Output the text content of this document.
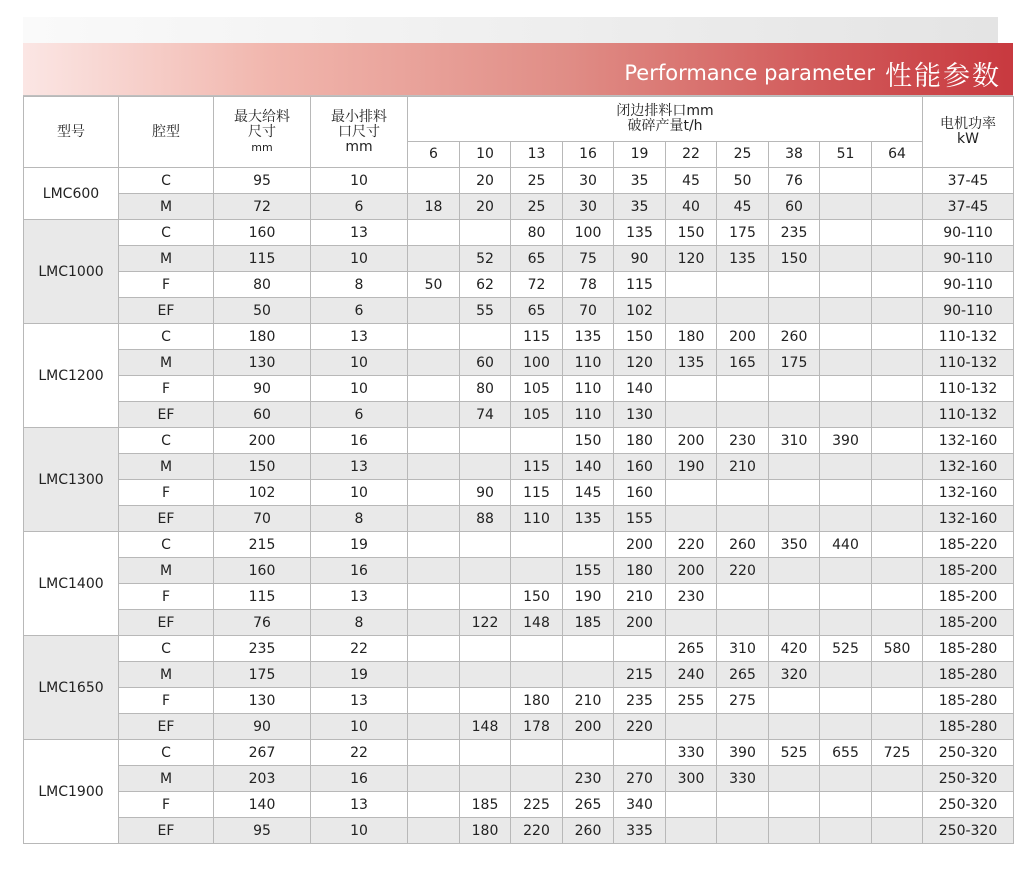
Performance parameter 性能参数
型号	腔型	最大给料尺寸
mm	最小排料口尺寸mm	闭边排料口mm
破碎产量t/h										电机功率
kW

				6	10	13	16	19	22	25	38	51	64	
LMC600	C	95	10		20	25	30	35	45	50	76			37-45
	M	72	6	18	20	25	30	35	40	45	60			37-45
LMC1000	C	160	13			80	100	135	150	175	235			90-110
	M	115	10		52	65	75	90	120	135	150			90-110
	F	80	8	50	62	72	78	115						90-110
	EF	50	6		55	65	70	102						90-110
LMC1200	C	180	13			115	135	150	180	200	260			110-132
	M	130	10		60	100	110	120	135	165	175			110-132
	F	90	10		80	105	110	140						110-132
	EF	60	6		74	105	110	130						110-132
LMC1300	C	200	16				150	180	200	230	310	390		132-160
	M	150	13			115	140	160	190	210				132-160
	F	102	10		90	115	145	160						132-160
	EF	70	8		88	110	135	155						132-160
LMC1400	C	215	19					200	220	260	350	440		185-220
	M	160	16				155	180	200	220				185-200
	F	115	13			150	190	210	230					185-200
	EF	76	8		122	148	185	200						185-200
LMC1650	C	235	22						265	310	420	525	580	185-280
	M	175	19					215	240	265	320			185-280
	F	130	13			180	210	235	255	275				185-280
	EF	90	10		148	178	200	220						185-280
LMC1900	C	267	22						330	390	525	655	725	250-320
	M	203	16				230	270	300	330				250-320
	F	140	13		185	225	265	340						250-320
	EF	95	10		180	220	260	335						250-320
